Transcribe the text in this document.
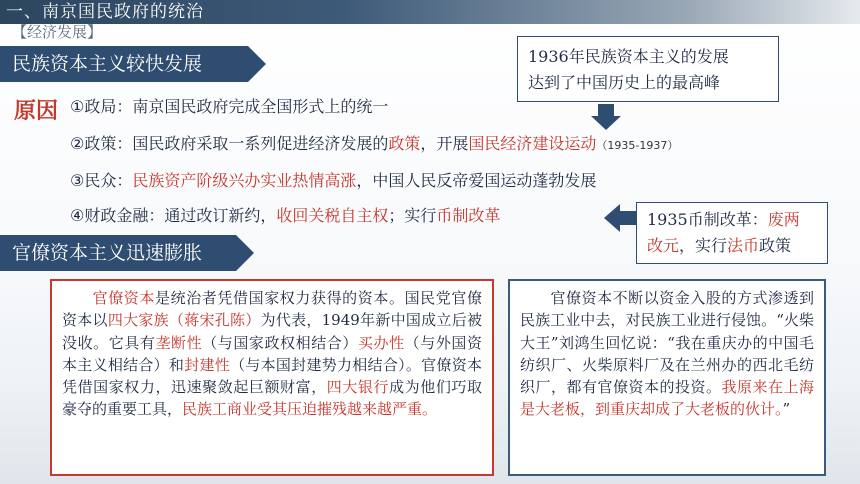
一、南京国民政府的统治
【经济发展】
民族资本主义较快发展	1936年民族资本主义的发展
达到了中国历史上的最高峰
原因 ①政局：南京国民政府完成全国形式上的统一
②政策：国民政府采取一系列促进经济发展的政策，开展国民经济建设运动（1935-1937）
③民众：民族资产阶级兴办实业热情高涨，中国人民反帝爱国运动蓬勃发展
④财政金融：通过改订新约，收回关税自主权；实行币制改革	1935币制改革：废两
改元，实行法币政策
官僚资本主义迅速膨胀
官僚资本是统治者凭借国家权力获得的资本。国民党官僚资本以四大家族（蒋宋孔陈）为代表，1949年新中国成立后被没收。它具有垄断性（与国家政权相结合）买办性（与外国资本主义相结合）和封建性（与本国封建势力相结合）。官僚资本凭借国家权力，迅速聚敛起巨额财富，四大银行成为他们巧取豪夺的重要工具，民族工商业受其压迫摧残越来越严重。
官僚资本不断以资金入股的方式渗透到民族工业中去，对民族工业进行侵蚀。“火柴大王”刘鸿生回忆说：“我在重庆办的中国毛纺织厂、火柴原料厂及在兰州办的西北毛纺织厂，都有官僚资本的投资。我原来在上海是大老板，到重庆却成了大老板的伙计。”
